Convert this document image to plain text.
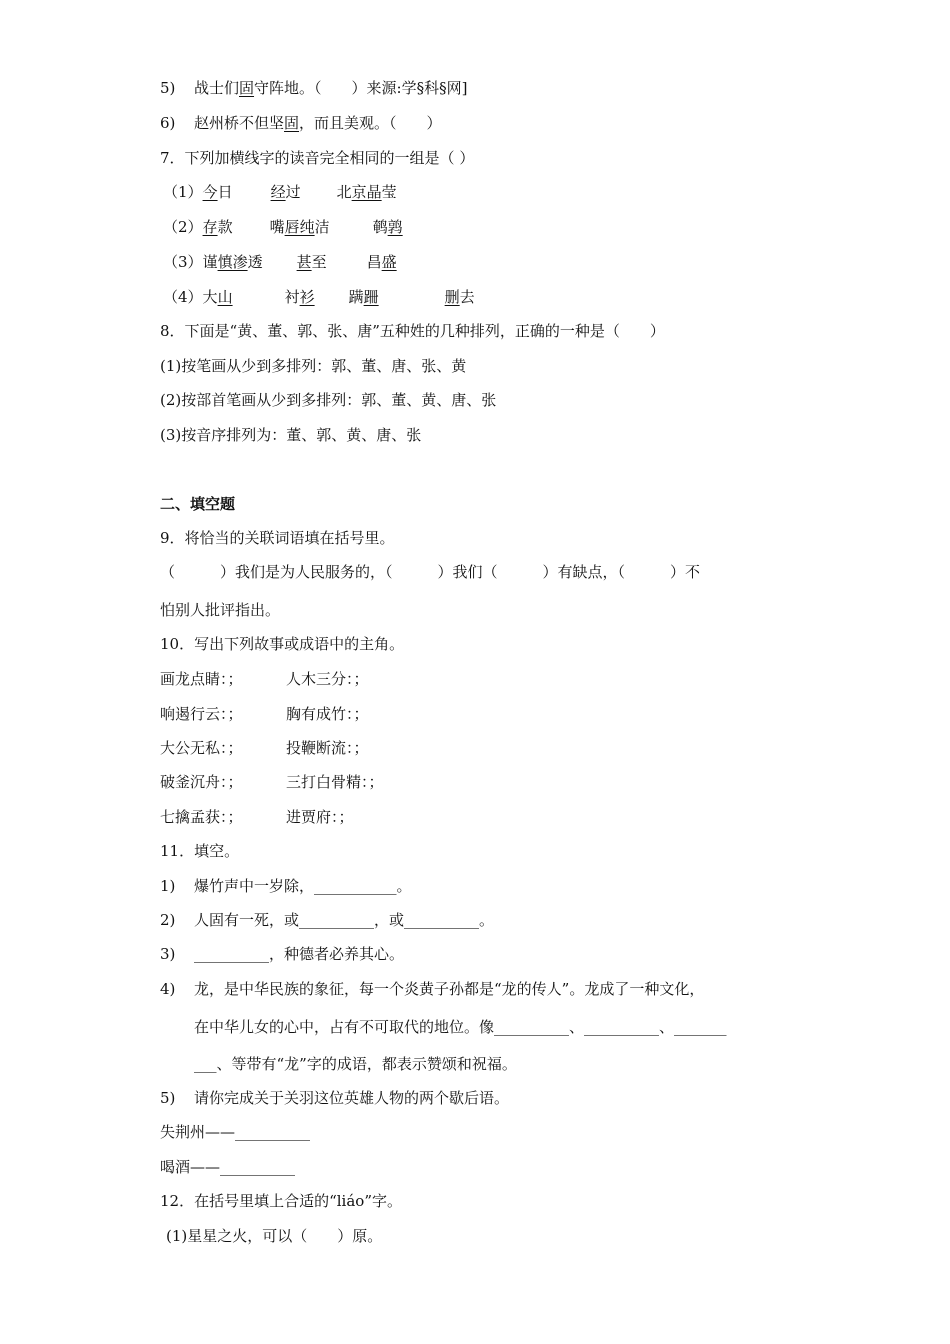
5) 战士们固守阵地。（　　）来源:学§科§网]
6) 赵州桥不但坚固，而且美观。（　　）
7．下列加横线字的读音完全相同的一组是（ ）
（1）今日	经过 北京晶莹
（2）存款 嘴唇纯洁	鹌鹑
（3）谨慎渗透 甚至	昌盛
（4）大山	衬衫 蹒跚	删去
8．下面是“黄、董、郭、张、唐”五种姓的几种排列，正确的一种是（　　）
(1)按笔画从少到多排列：郭、董、唐、张、黄
(2)按部首笔画从少到多排列：郭、董、黄、唐、张
(3)按音序排列为：董、郭、黄、唐、张
二、填空题
9．将恰当的关联词语填在括号里。
（　　　）我们是为人民服务的，（　　　）我们（　　　）有缺点，（　　　）不
怕别人批评指出。
10．写出下列故事或成语中的主角。
画龙点睛：；	人木三分：；
响遏行云：；	胸有成竹：；
大公无私：；	投鞭断流：；
破釜沉舟：；	三打白骨精：；
七擒孟获：；	进贾府：；
11．填空。
1) 爆竹声中一岁除，___________。
2) 人固有一死，或__________，或__________。
3) __________，种德者必养其心。
4) 龙，是中华民族的象征，每一个炎黄子孙都是“龙的传人”。龙成了一种文化，
在中华儿女的心中，占有不可取代的地位。像__________、__________、_______
___、等带有“龙”字的成语，都表示赞颂和祝福。
5) 请你完成关于关羽这位英雄人物的两个歇后语。
失荆州——__________
喝酒——__________
12．在括号里填上合适的“liáo”字。
(1)星星之火，可以（　　）原。
